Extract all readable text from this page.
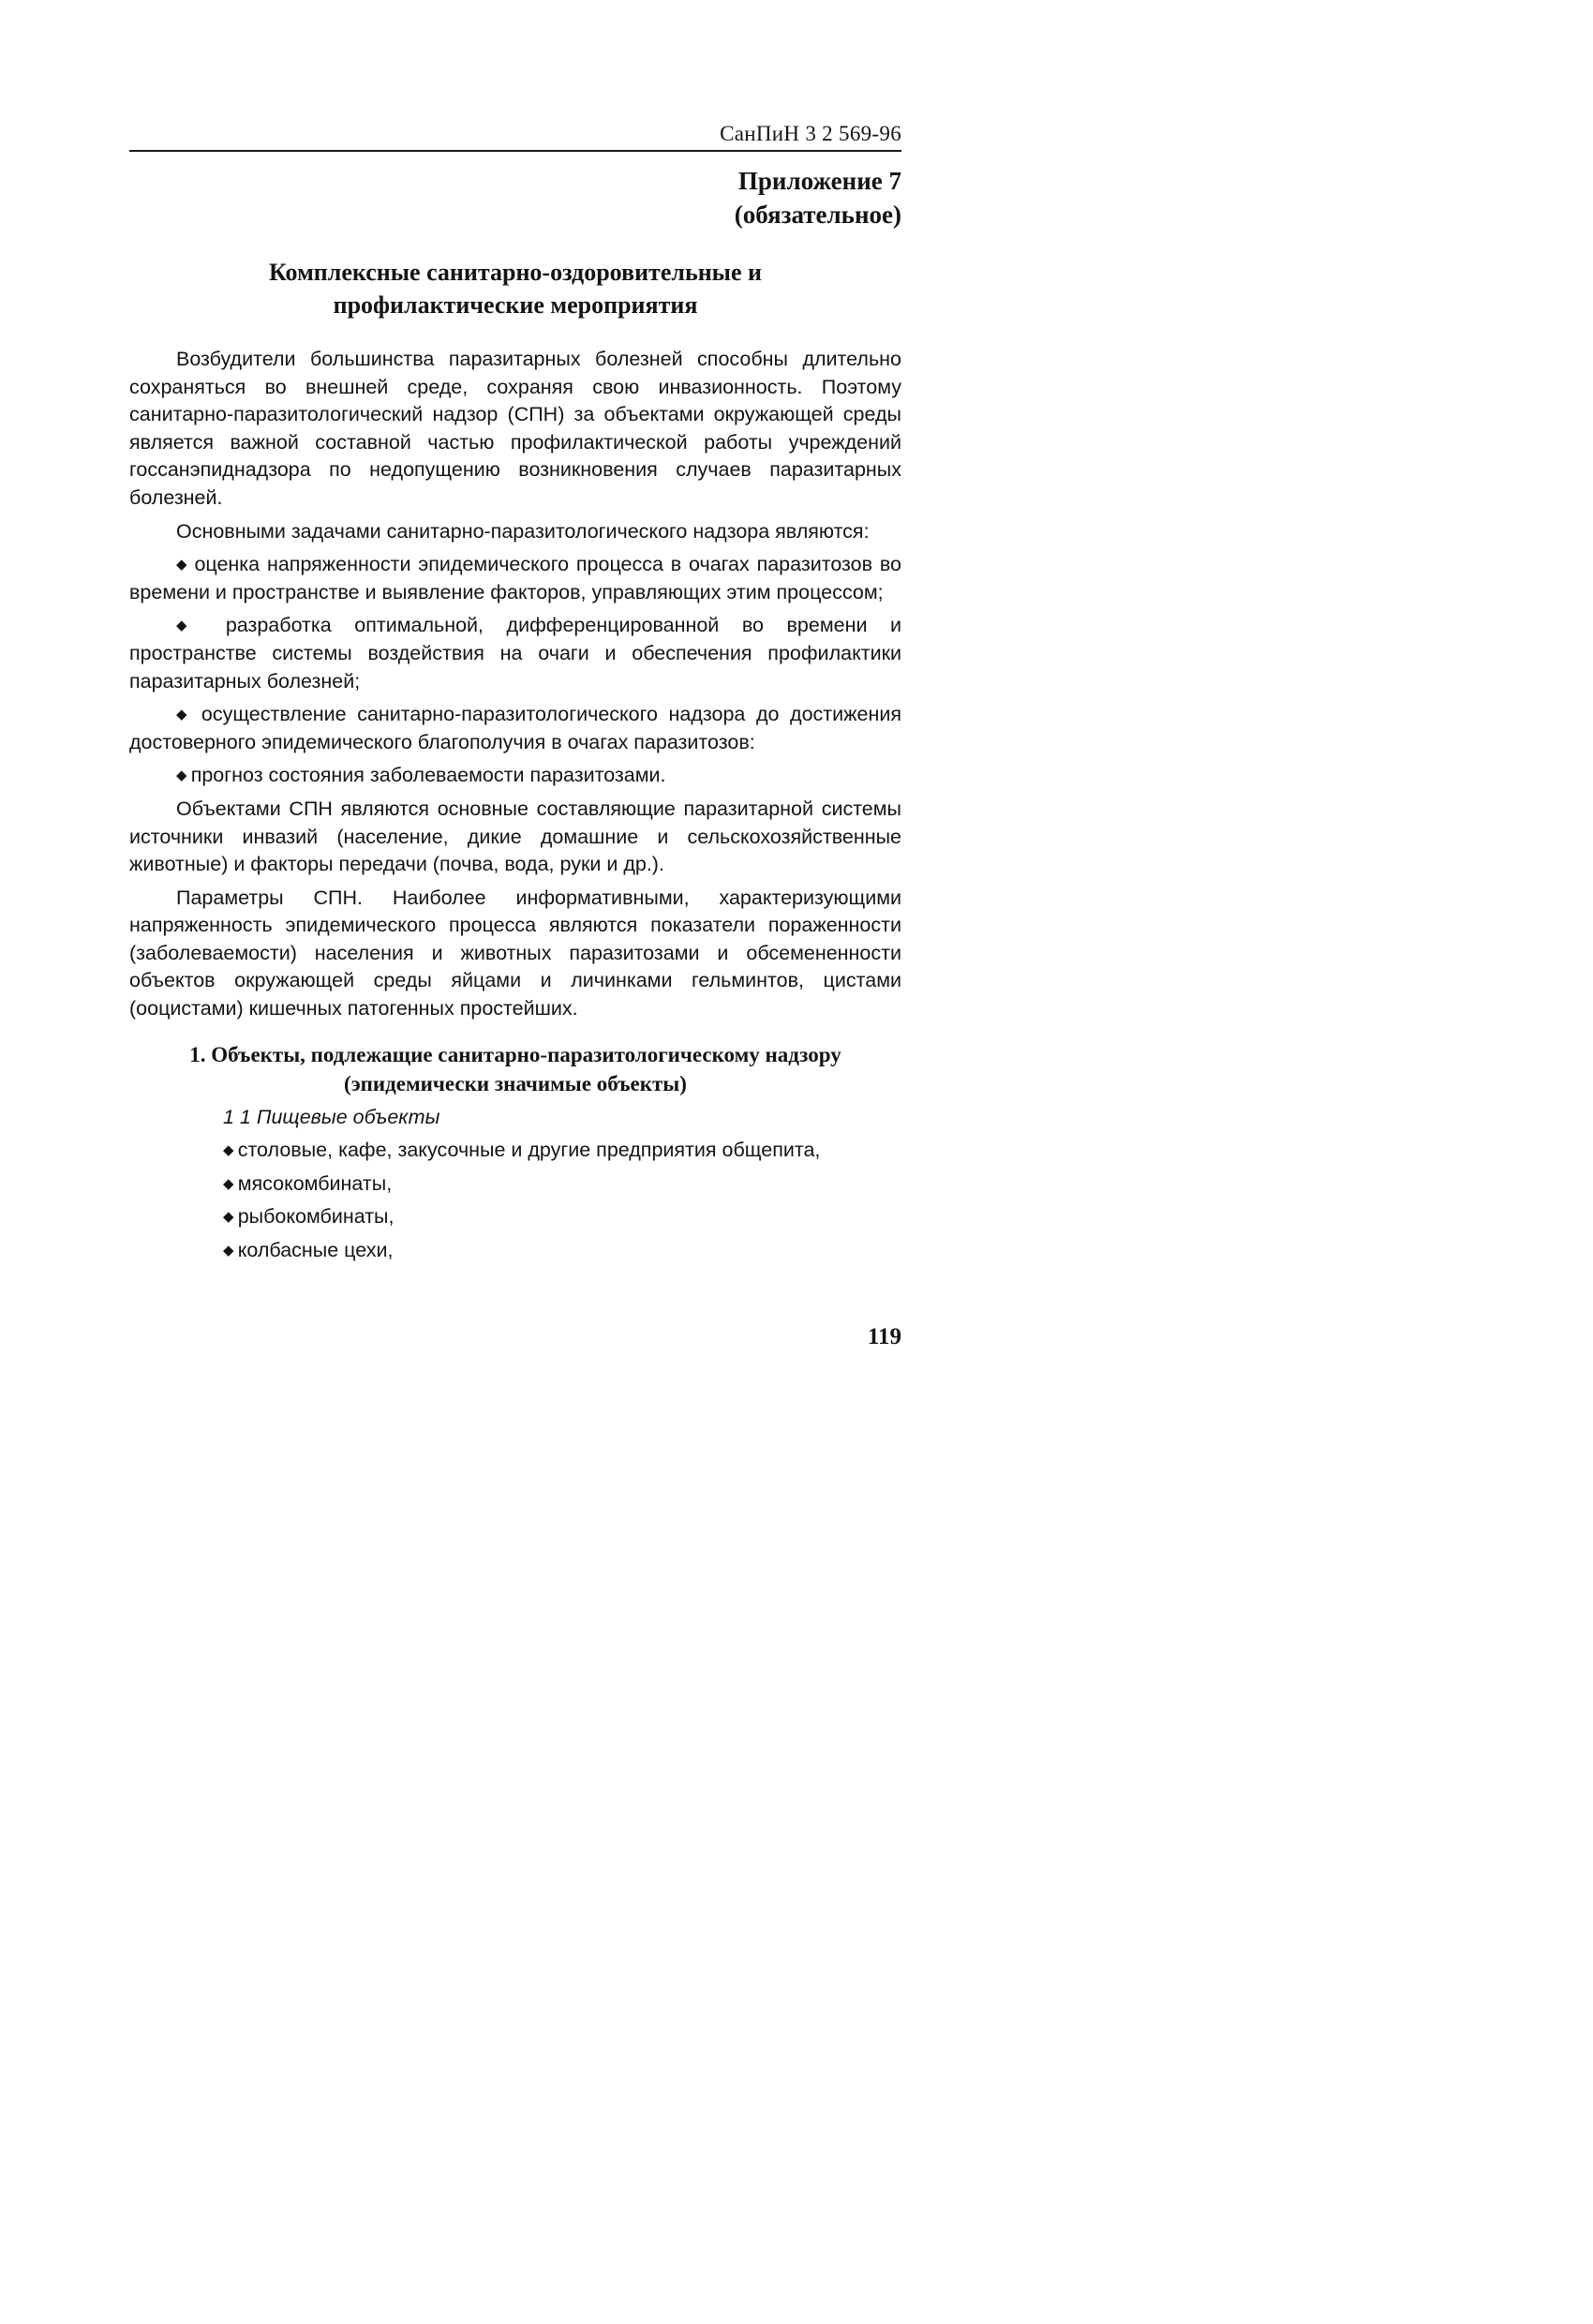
СанПиН 3 2 569-96
Приложение 7
(обязательное)
Комплексные санитарно-оздоровительные и
профилактические мероприятия

Возбудители большинства паразитарных болезней способны длительно сохраняться во внешней среде, сохраняя свою инвазионность. Поэтому санитарно-паразитологический надзор (СПН) за объектами окружающей среды является важной составной частью профилактической работы учреждений госсанэпиднадзора по недопущению возникновения случаев паразитарных болезней.

Основными задачами санитарно-паразитологического надзора являются:

◆ оценка напряженности эпидемического процесса в очагах паразитозов во времени и пространстве и выявление факторов, управляющих этим процессом;

◆ разработка оптимальной, дифференцированной во времени и пространстве системы воздействия на очаги и обеспечения профилактики паразитарных болезней;

◆ осуществление санитарно-паразитологического надзора до достижения достоверного эпидемического благополучия в очагах паразитозов:

◆ прогноз состояния заболеваемости паразитозами.

Объектами СПН являются основные составляющие паразитарной системы источники инвазий (население, дикие домашние и сельскохозяйственные животные) и факторы передачи (почва, вода, руки и др.).

Параметры СПН. Наиболее информативными, характеризующими напряженность эпидемического процесса являются показатели пораженности (заболеваемости) населения и животных паразитозами и обсемененности объектов окружающей среды яйцами и личинками гельминтов, цистами (ооцистами) кишечных патогенных простейших.

1. Объекты, подлежащие санитарно-паразитологическому надзору
(эпидемически значимые объекты)

1 1 Пищевые объекты

◆ столовые, кафе, закусочные и другие предприятия общепита,

◆ мясокомбинаты,

◆ рыбокомбинаты,

◆ колбасные цехи,

119
